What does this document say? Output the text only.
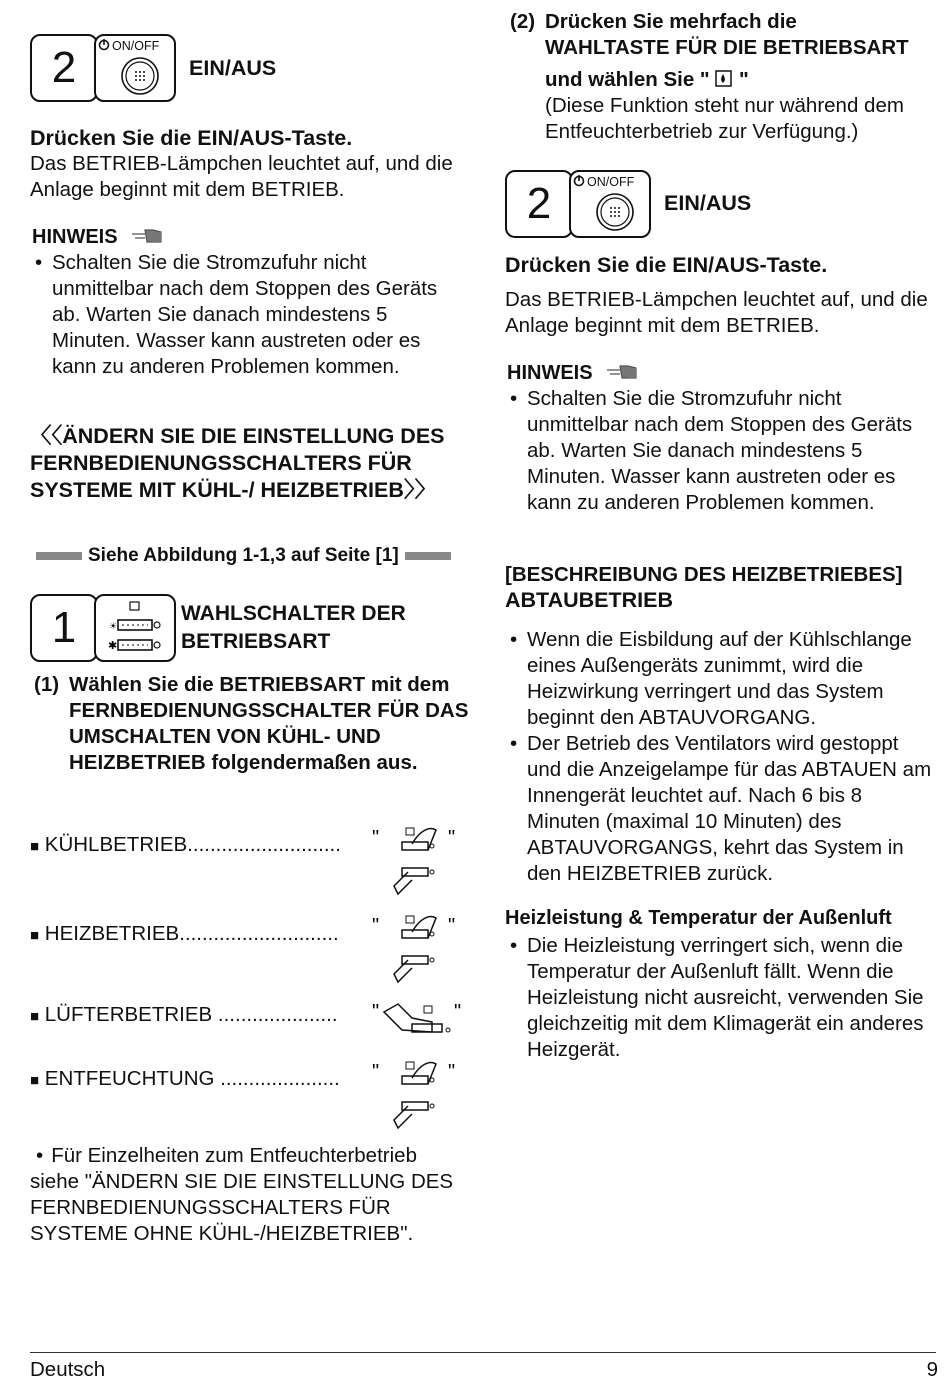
2	ON/OFF
EIN/AUS
Drücken Sie die EIN/AUS-Taste.
Das BETRIEB-Lämpchen leuchtet auf, und die Anlage beginnt mit dem BETRIEB.
HINWEIS
• Schalten Sie die Stromzufuhr nicht unmittelbar nach dem Stoppen des Geräts ab. Warten Sie danach mindestens 5 Minuten. Wasser kann austreten oder es kann zu anderen Problemen kommen.
〈〈ÄNDERN SIE DIE EINSTELLUNG DES FERNBEDIENUNGSSCHALTERS FÜR SYSTEME MIT KÜHL-/ HEIZBETRIEB〉〉
Siehe Abbildung 1-1,3 auf Seite [1]
1	☀
✱
WAHLSCHALTER DER
BETRIEBSART
(1) Wählen Sie die BETRIEBSART mit dem FERNBEDIENUNGSSCHALTER FÜR DAS UMSCHALTEN VON KÜHL- UND HEIZBETRIEB folgendermaßen aus.
• Für Einzelheiten zum Entfeuchterbetrieb siehe "ÄNDERN SIE DIE EINSTELLUNG DES FERNBEDIENUNGSSCHALTERS FÜR SYSTEME OHNE KÜHL-/HEIZBETRIEB".
■ KÜHLBETRIEB...........................
■ HEIZBETRIEB............................
■ LÜFTERBETRIEB .....................
■ ENTFEUCHTUNG .....................
"	"
"	"
"	"
"	"
(2) Drücken Sie mehrfach die
WAHLTASTE FÜR DIE BETRIEBSART
und wählen Sie " "
(Diese Funktion steht nur während dem Entfeuchterbetrieb zur Verfügung.)
2	ON/OFF
EIN/AUS
Drücken Sie die EIN/AUS-Taste.
Das BETRIEB-Lämpchen leuchtet auf, und die Anlage beginnt mit dem BETRIEB.
HINWEIS
• Schalten Sie die Stromzufuhr nicht unmittelbar nach dem Stoppen des Geräts ab. Warten Sie danach mindestens 5 Minuten. Wasser kann austreten oder es kann zu anderen Problemen kommen.
[BESCHREIBUNG DES HEIZBETRIEBES]
ABTAUBETRIEB
• Wenn die Eisbildung auf der Kühlschlange eines Außengeräts zunimmt, wird die Heizwirkung verringert und das System beginnt den ABTAUVORGANG.
• Der Betrieb des Ventilators wird gestoppt und die Anzeigelampe für das ABTAUEN am Innengerät leuchtet auf. Nach 6 bis 8 Minuten (maximal 10 Minuten) des ABTAUVORGANGS, kehrt das System in den HEIZBETRIEB zurück.
Heizleistung & Temperatur der Außenluft
• Die Heizleistung verringert sich, wenn die Temperatur der Außenluft fällt. Wenn die Heizleistung nicht ausreicht, verwenden Sie gleichzeitig mit dem Klimagerät ein anderes Heizgerät.
Deutsch	9
